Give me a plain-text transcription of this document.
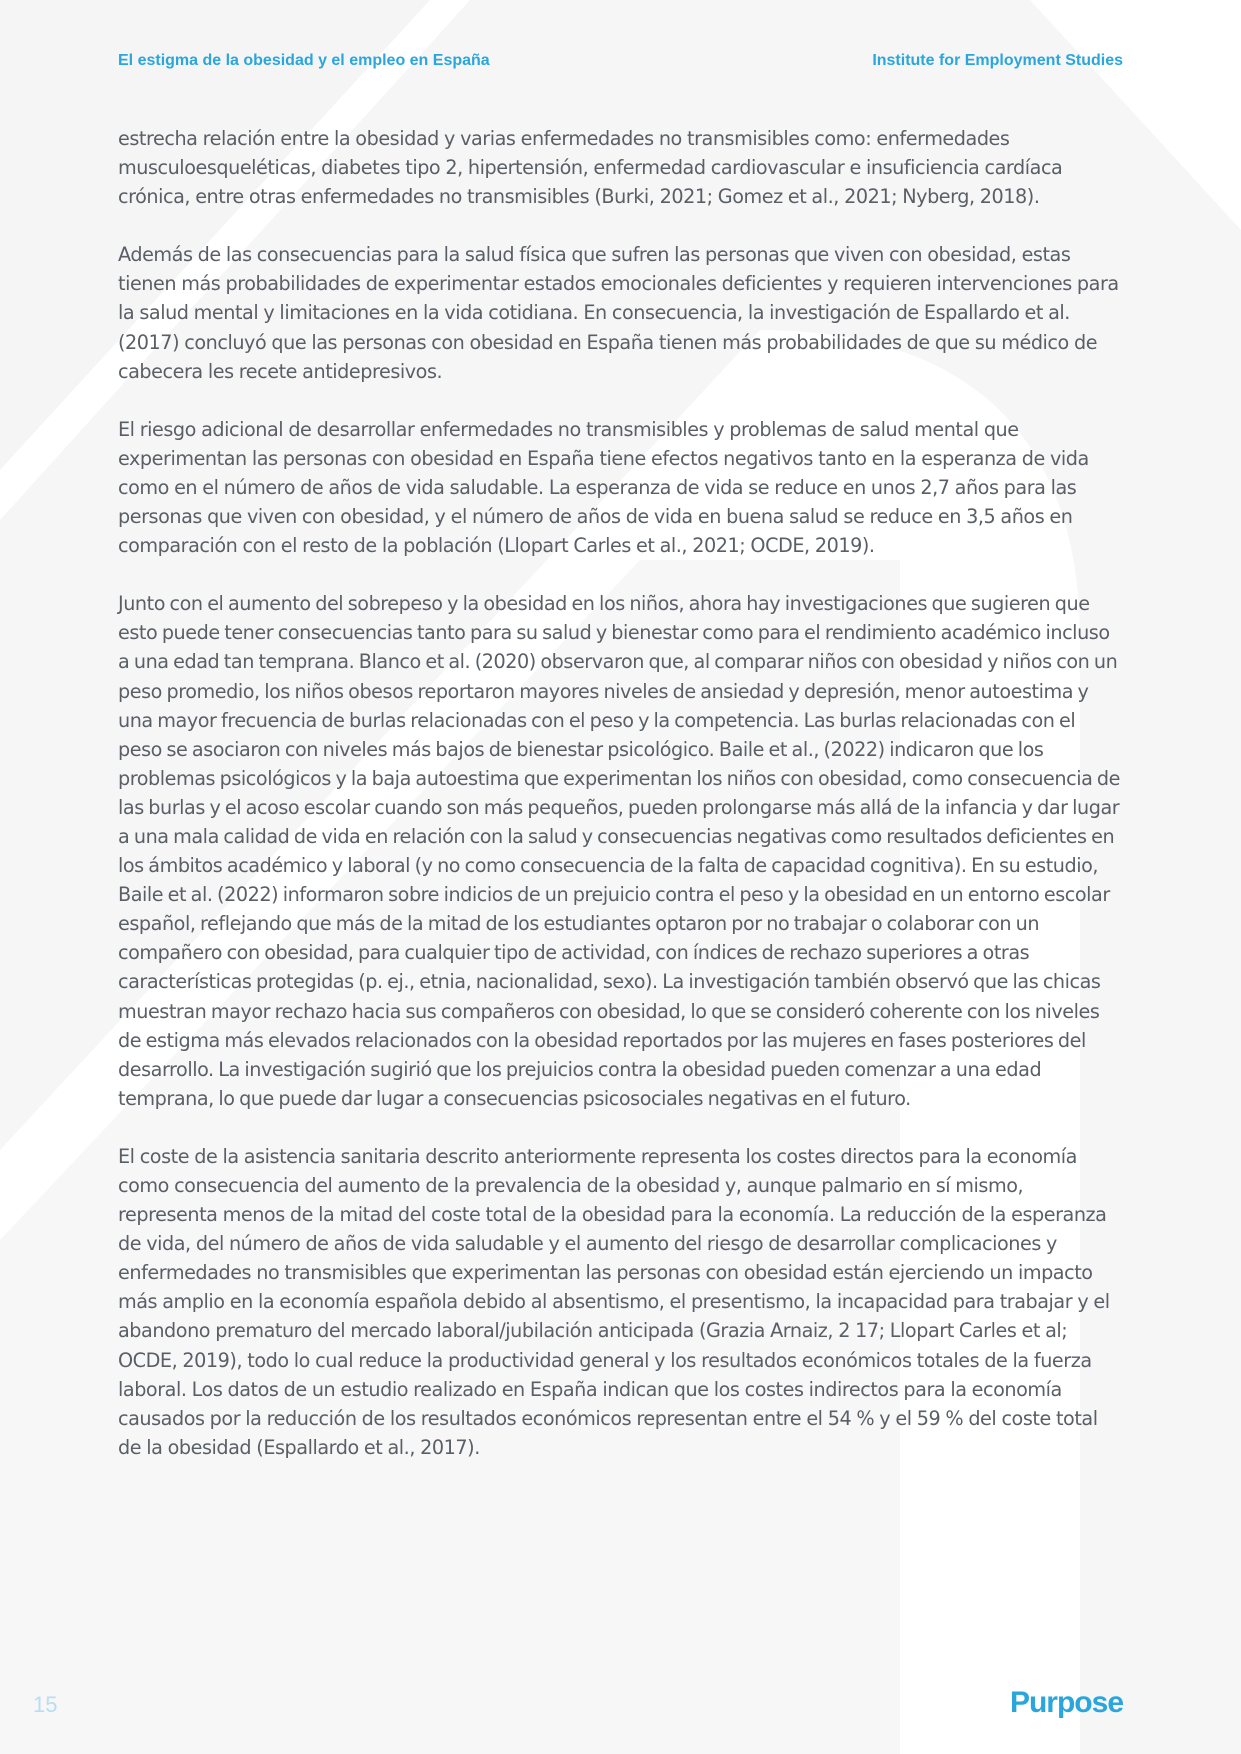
El estigma de la obesidad y el empleo en España	Institute for Employment Studies

estrecha relación entre la obesidad y varias enfermedades no transmisibles como: enfermedades musculoesqueléticas, diabetes tipo 2, hipertensión, enfermedad cardiovascular e insuficiencia cardíaca crónica, entre otras enfermedades no transmisibles (Burki, 2021; Gomez et al., 2021; Nyberg, 2018).

Además de las consecuencias para la salud física que sufren las personas que viven con obesidad, estas tienen más probabilidades de experimentar estados emocionales deficientes y requieren intervenciones para la salud mental y limitaciones en la vida cotidiana. En consecuencia, la investigación de Espallardo et al. (2017) concluyó que las personas con obesidad en España tienen más probabilidades de que su médico de cabecera les recete antidepresivos.

El riesgo adicional de desarrollar enfermedades no transmisibles y problemas de salud mental que experimentan las personas con obesidad en España tiene efectos negativos tanto en la esperanza de vida como en el número de años de vida saludable. La esperanza de vida se reduce en unos 2,7 años para las personas que viven con obesidad, y el número de años de vida en buena salud se reduce en 3,5 años en comparación con el resto de la población (Llopart Carles et al., 2021; OCDE, 2019).

Junto con el aumento del sobrepeso y la obesidad en los niños, ahora hay investigaciones que sugieren que esto puede tener consecuencias tanto para su salud y bienestar como para el rendimiento académico incluso a una edad tan temprana. Blanco et al. (2020) observaron que, al comparar niños con obesidad y niños con un peso promedio, los niños obesos reportaron mayores niveles de ansiedad y depresión, menor autoestima y una mayor frecuencia de burlas relacionadas con el peso y la competencia. Las burlas relacionadas con el peso se asociaron con niveles más bajos de bienestar psicológico. Baile et al., (2022) indicaron que los problemas psicológicos y la baja autoestima que experimentan los niños con obesidad, como consecuencia de las burlas y el acoso escolar cuando son más pequeños, pueden prolongarse más allá de la infancia y dar lugar a una mala calidad de vida en relación con la salud y consecuencias negativas como resultados deficientes en los ámbitos académico y laboral (y no como consecuencia de la falta de capacidad cognitiva). En su estudio, Baile et al. (2022) informaron sobre indicios de un prejuicio contra el peso y la obesidad en un entorno escolar español, reflejando que más de la mitad de los estudiantes optaron por no trabajar o colaborar con un compañero con obesidad, para cualquier tipo de actividad, con índices de rechazo superiores a otras características protegidas (p. ej., etnia, nacionalidad, sexo). La investigación también observó que las chicas muestran mayor rechazo hacia sus compañeros con obesidad, lo que se consideró coherente con los niveles de estigma más elevados relacionados con la obesidad reportados por las mujeres en fases posteriores del desarrollo. La investigación sugirió que los prejuicios contra la obesidad pueden comenzar a una edad temprana, lo que puede dar lugar a consecuencias psicosociales negativas en el futuro.

El coste de la asistencia sanitaria descrito anteriormente representa los costes directos para la economía como consecuencia del aumento de la prevalencia de la obesidad y, aunque palmario en sí mismo, representa menos de la mitad del coste total de la obesidad para la economía. La reducción de la esperanza de vida, del número de años de vida saludable y el aumento del riesgo de desarrollar complicaciones y enfermedades no transmisibles que experimentan las personas con obesidad están ejerciendo un impacto más amplio en la economía española debido al absentismo, el presentismo, la incapacidad para trabajar y el abandono prematuro del mercado laboral/jubilación anticipada (Grazia Arnaiz, 2 17; Llopart Carles et al; OCDE, 2019), todo lo cual reduce la productividad general y los resultados económicos totales de la fuerza laboral. Los datos de un estudio realizado en España indican que los costes indirectos para la economía causados por la reducción de los resultados económicos representan entre el 54 % y el 59 % del coste total de la obesidad (Espallardo et al., 2017).

15	Purpose
